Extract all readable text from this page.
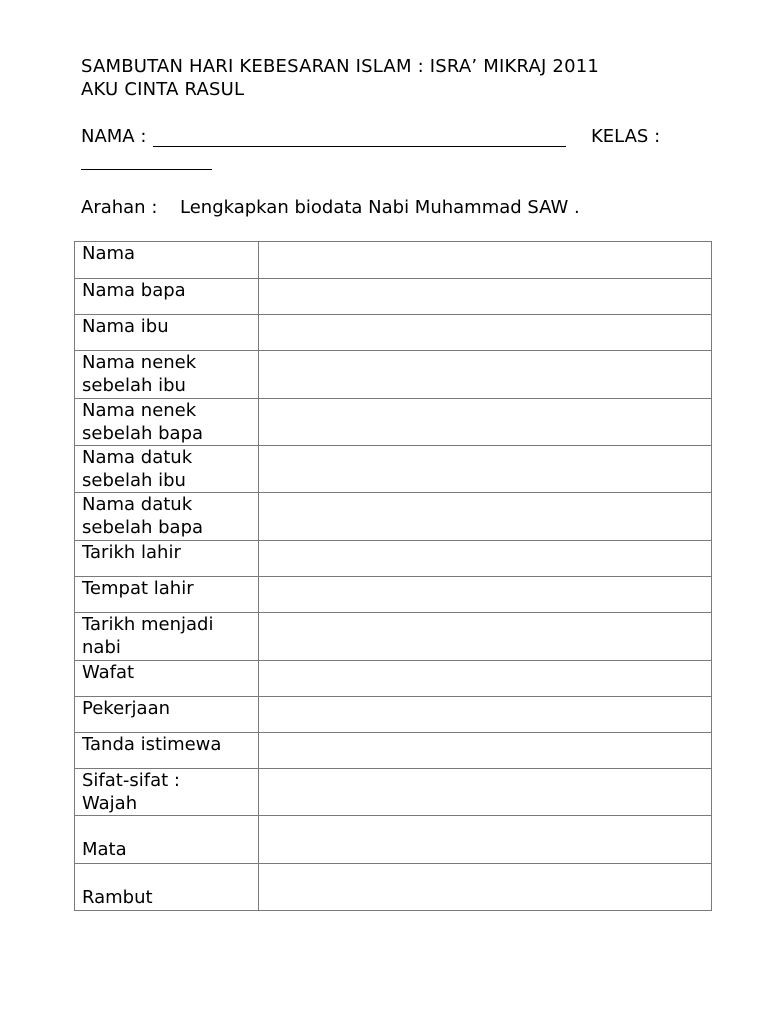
SAMBUTAN HARI KEBESARAN ISLAM : ISRA’ MIKRAJ 2011
AKU CINTA RASUL
NAMA :	KELAS :
Arahan : Lengkapkan biodata Nabi Muhammad SAW .
Nama	

Nama bapa	

Nama ibu	

Nama nenek
sebelah ibu	

Nama nenek
sebelah bapa	

Nama datuk
sebelah ibu	

Nama datuk
sebelah bapa	

Tarikh lahir	

Tempat lahir	

Tarikh menjadi
nabi	

Wafat	

Pekerjaan	

Tanda istimewa	

Sifat-sifat :
Wajah	

Mata	

Rambut	
